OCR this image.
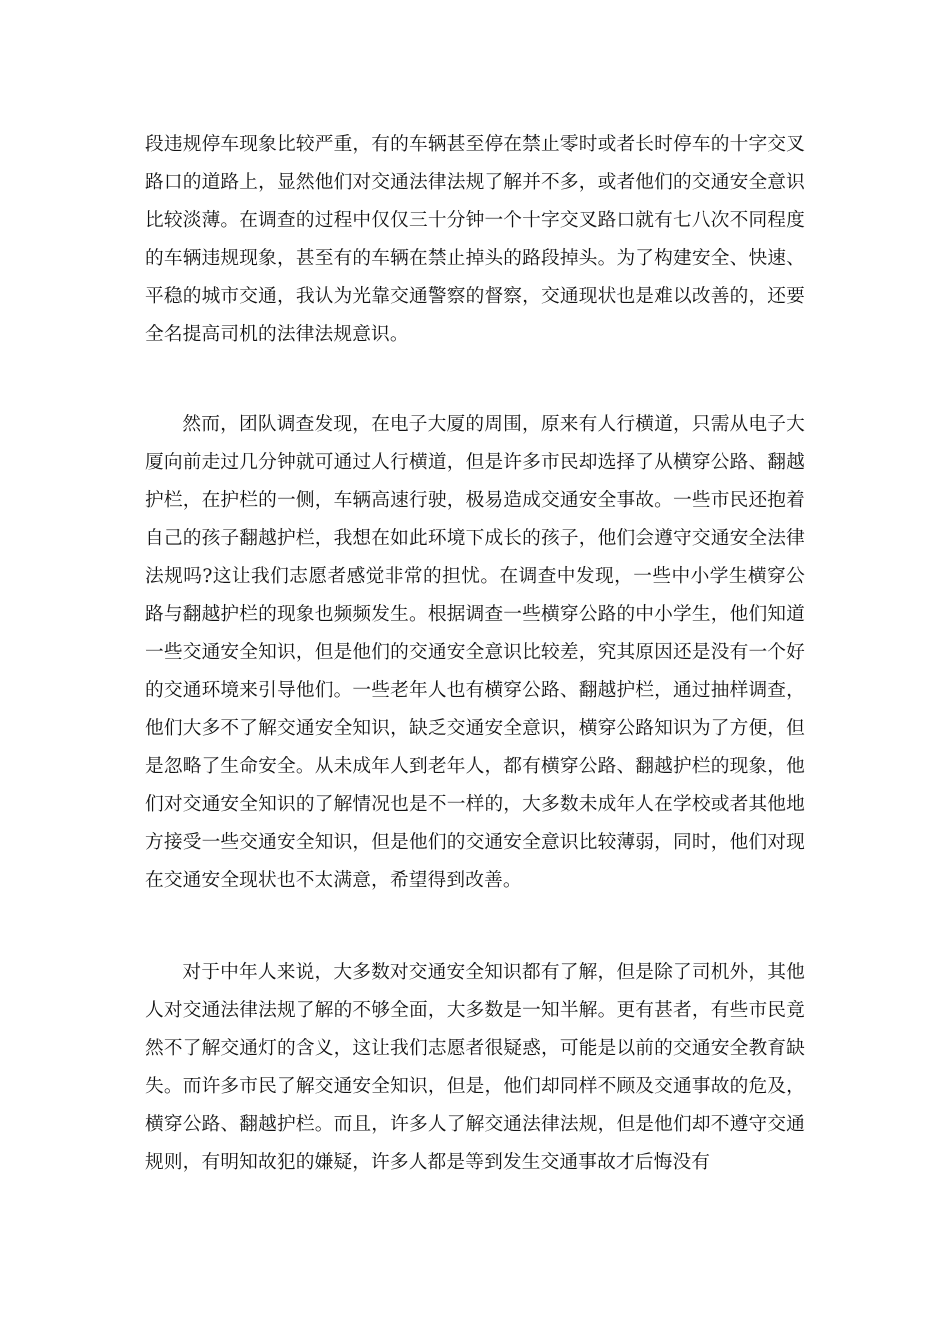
段违规停车现象比较严重，有的车辆甚至停在禁止零时或者长时停车的十字交叉路口的道路上，显然他们对交通法律法规了解并不多，或者他们的交通安全意识比较淡薄。在调查的过程中仅仅三十分钟一个十字交叉路口就有七八次不同程度的车辆违规现象，甚至有的车辆在禁止掉头的路段掉头。为了构建安全、快速、平稳的城市交通，我认为光靠交通警察的督察，交通现状也是难以改善的，还要全名提高司机的法律法规意识。

然而，团队调查发现，在电子大厦的周围，原来有人行横道，只需从电子大厦向前走过几分钟就可通过人行横道，但是许多市民却选择了从横穿公路、翻越护栏，在护栏的一侧，车辆高速行驶，极易造成交通安全事故。一些市民还抱着自己的孩子翻越护栏，我想在如此环境下成长的孩子，他们会遵守交通安全法律法规吗?这让我们志愿者感觉非常的担忧。在调查中发现，一些中小学生横穿公路与翻越护栏的现象也频频发生。根据调查一些横穿公路的中小学生，他们知道一些交通安全知识，但是他们的交通安全意识比较差，究其原因还是没有一个好的交通环境来引导他们。一些老年人也有横穿公路、翻越护栏，通过抽样调查，他们大多不了解交通安全知识，缺乏交通安全意识，横穿公路知识为了方便，但是忽略了生命安全。从未成年人到老年人，都有横穿公路、翻越护栏的现象，他们对交通安全知识的了解情况也是不一样的，大多数未成年人在学校或者其他地方接受一些交通安全知识，但是他们的交通安全意识比较薄弱，同时，他们对现在交通安全现状也不太满意，希望得到改善。

对于中年人来说，大多数对交通安全知识都有了解，但是除了司机外，其他人对交通法律法规了解的不够全面，大多数是一知半解。更有甚者，有些市民竟然不了解交通灯的含义，这让我们志愿者很疑惑，可能是以前的交通安全教育缺失。而许多市民了解交通安全知识，但是，他们却同样不顾及交通事故的危及，横穿公路、翻越护栏。而且，许多人了解交通法律法规，但是他们却不遵守交通规则，有明知故犯的嫌疑，许多人都是等到发生交通事故才后悔没有
